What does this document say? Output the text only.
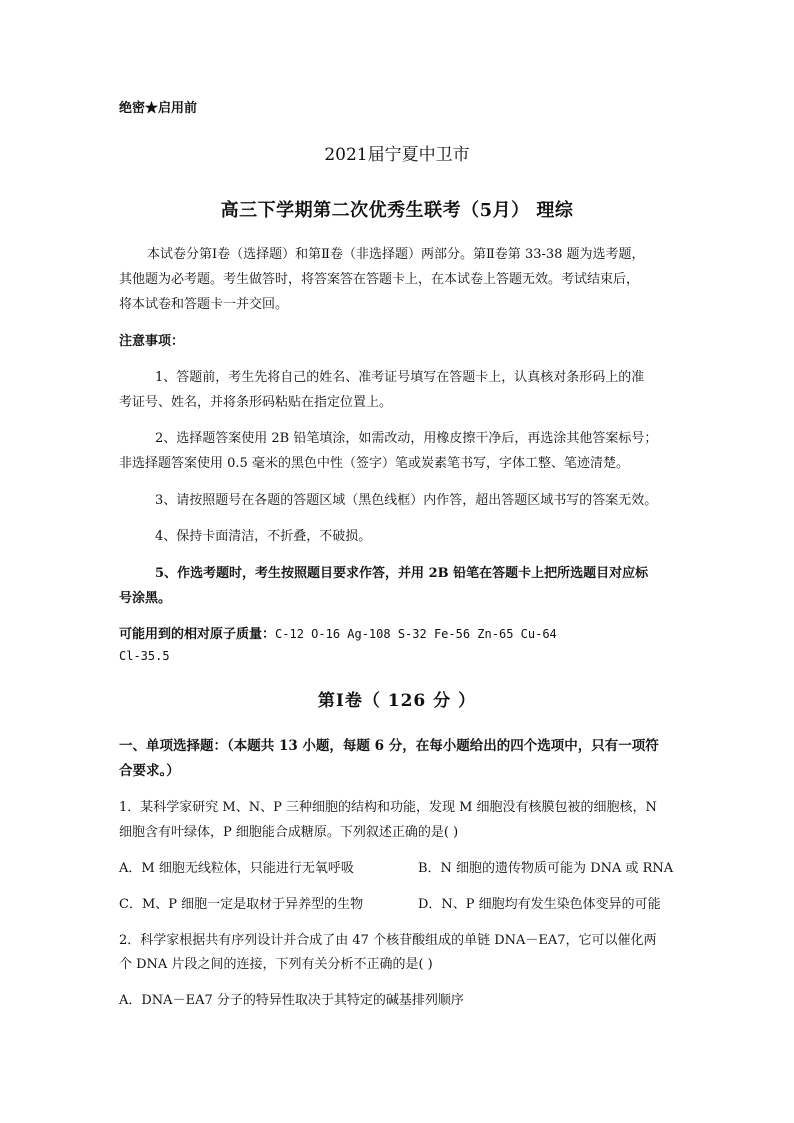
绝密★启用前
2021届宁夏中卫市
高三下学期第二次优秀生联考（5月） 理综
本试卷分第Ⅰ卷（选择题）和第Ⅱ卷（非选择题）两部分。第Ⅱ卷第 33-38 题为选考题，
其他题为必考题。考生做答时，将答案答在答题卡上，在本试卷上答题无效。考试结束后，
将本试卷和答题卡一并交回。
注意事项：
1、答题前，考生先将自己的姓名、准考证号填写在答题卡上，认真核对条形码上的准
考证号、姓名，并将条形码粘贴在指定位置上。
2、选择题答案使用 2B 铅笔填涂，如需改动，用橡皮擦干净后，再选涂其他答案标号；
非选择题答案使用 0.5 毫米的黑色中性（签字）笔或炭素笔书写，字体工整、笔迹清楚。
3、请按照题号在各题的答题区域（黑色线框）内作答，超出答题区域书写的答案无效。
4、保持卡面清洁，不折叠，不破损。
5、作选考题时，考生按照题目要求作答，并用 2B 铅笔在答题卡上把所选题目对应标
号涂黑。
可能用到的相对原子质量：C-12 O-16 Ag-108 S-32 Fe-56 Zn-65 Cu-64
Cl-35.5
第Ⅰ卷（ 126 分 ）
一、单项选择题：（本题共 13 小题，每题 6 分，在每小题给出的四个选项中，只有一项符
合要求。）
1．某科学家研究 M、N、P 三种细胞的结构和功能，发现 M 细胞没有核膜包被的细胞核，N
细胞含有叶绿体，P 细胞能合成糖原。下列叙述正确的是( )
A．M 细胞无线粒体，只能进行无氧呼吸	B．N 细胞的遗传物质可能为 DNA 或 RNA
C．M、P 细胞一定是取材于异养型的生物	D．N、P 细胞均有发生染色体变异的可能
2．科学家根据共有序列设计并合成了由 47 个核苷酸组成的单链 DNA－EA7，它可以催化两
个 DNA 片段之间的连接，下列有关分析不正确的是( )
A．DNA－EA7 分子的特异性取决于其特定的碱基排列顺序
